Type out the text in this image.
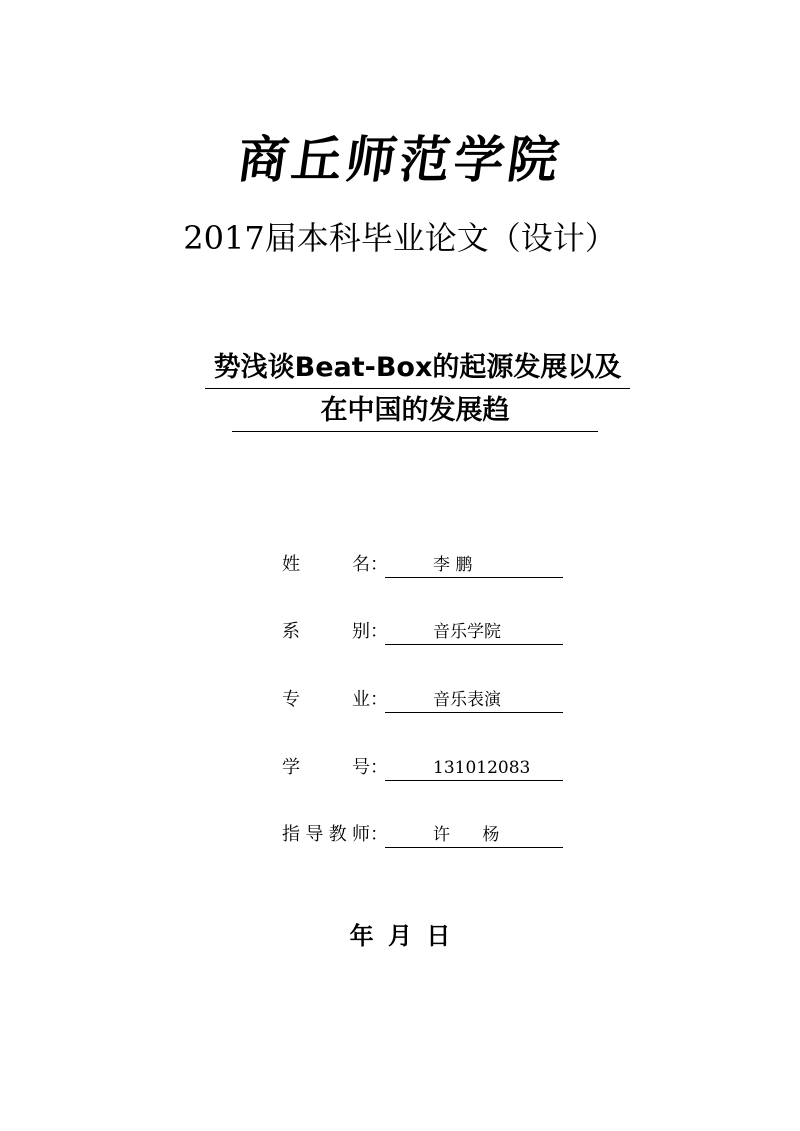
商丘师范学院
2017届本科毕业论文（设计）
势浅谈Beat-Box的起源发展以及
在中国的发展趋
姓	名 ：	李 鹏
系	别 ：	音乐学院
专	业 ：	音乐表演
学	号 ：	131012083
指 导 教 师 ：	许      杨
年 月 日
